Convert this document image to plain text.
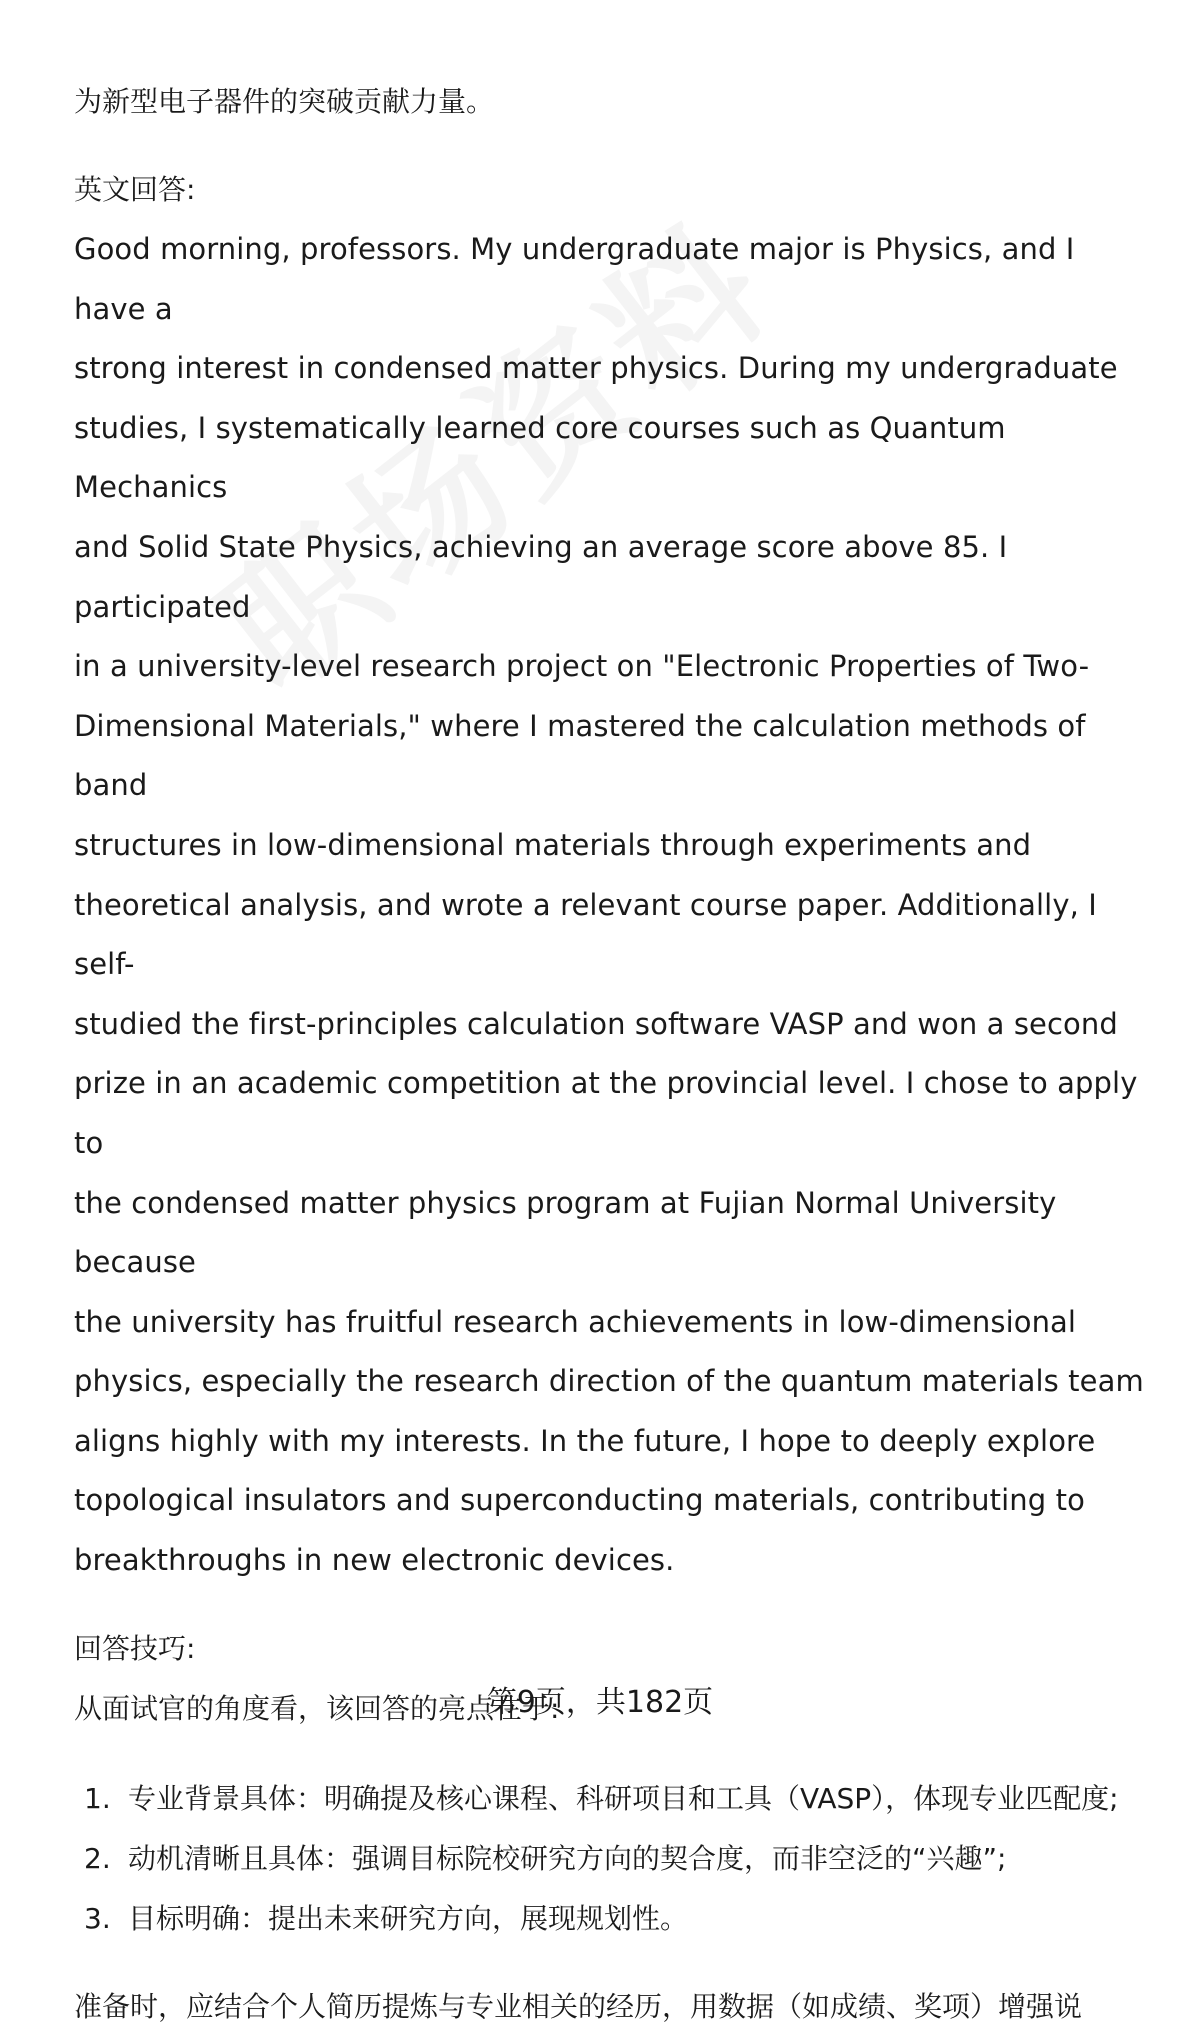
为新型电子器件的突破贡献力量。

英文回答:

Good morning, professors. My undergraduate major is Physics, and I have a
strong interest in condensed matter physics. During my undergraduate
studies, I systematically learned core courses such as Quantum Mechanics
and Solid State Physics, achieving an average score above 85. I participated
in a university-level research project on "Electronic Properties of Two-
Dimensional Materials," where I mastered the calculation methods of band
structures in low-dimensional materials through experiments and
theoretical analysis, and wrote a relevant course paper. Additionally, I self-
studied the first-principles calculation software VASP and won a second
prize in an academic competition at the provincial level. I chose to apply to
the condensed matter physics program at Fujian Normal University because
the university has fruitful research achievements in low-dimensional
physics, especially the research direction of the quantum materials team
aligns highly with my interests. In the future, I hope to deeply explore
topological insulators and superconducting materials, contributing to
breakthroughs in new electronic devices.

回答技巧:

从面试官的角度看，该回答的亮点在于:

1. 专业背景具体：明确提及核心课程、科研项目和工具（VASP），体现专业匹配度;
2. 动机清晰且具体：强调目标院校研究方向的契合度，而非空泛的“兴趣”;
3. 目标明确：提出未来研究方向，展现规划性。

准备时，应结合个人简历提炼与专业相关的经历，用数据（如成绩、奖项）增强说

第9页，共182页
